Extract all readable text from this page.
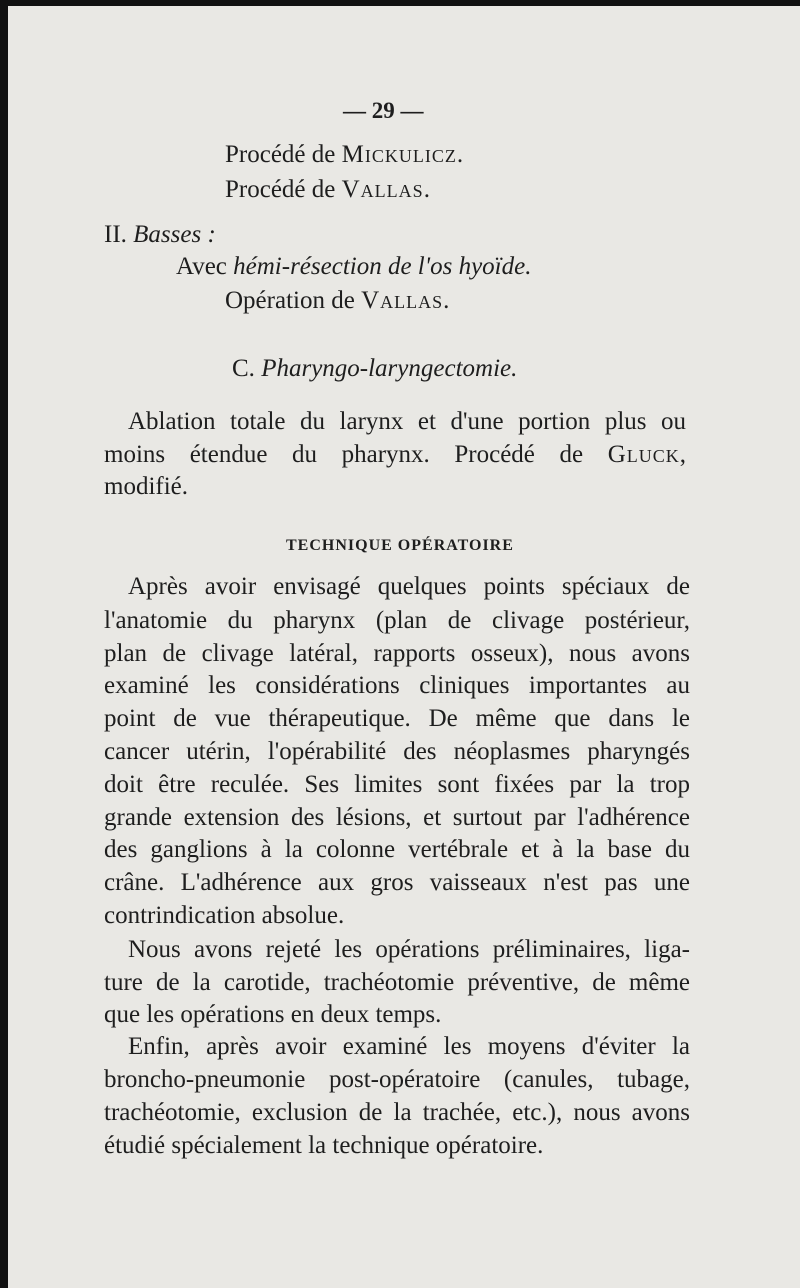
— 29 —
Procédé de Mickulicz.
Procédé de Vallas.
II. Basses :
Avec hémi-résection de l'os hyoïde.
Opération de Vallas.
C. Pharyngo-laryngectomie.
Ablation totale du larynx et d'une portion plus ou
moins étendue du pharynx. Procédé de Gluck,
modifié.
TECHNIQUE OPÉRATOIRE
Après avoir envisagé quelques points spéciaux de
l'anatomie du pharynx (plan de clivage postérieur,
plan de clivage latéral, rapports osseux), nous avons
examiné les considérations cliniques importantes au
point de vue thérapeutique. De même que dans le
cancer utérin, l'opérabilité des néoplasmes pharyngés
doit être reculée. Ses limites sont fixées par la trop
grande extension des lésions, et surtout par l'adhérence
des ganglions à la colonne vertébrale et à la base du
crâne. L'adhérence aux gros vaisseaux n'est pas une
contrindication absolue.
Nous avons rejeté les opérations préliminaires, liga-
ture de la carotide, trachéotomie préventive, de même
que les opérations en deux temps.
Enfin, après avoir examiné les moyens d'éviter la
broncho-pneumonie post-opératoire (canules, tubage,
trachéotomie, exclusion de la trachée, etc.), nous avons
étudié spécialement la technique opératoire.
